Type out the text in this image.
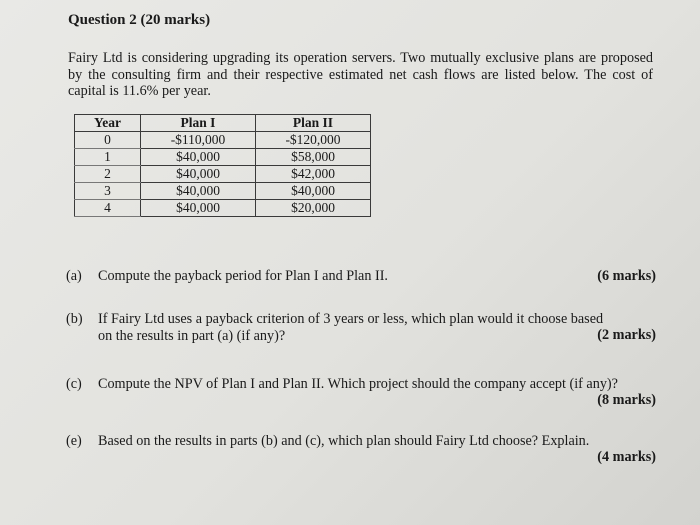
Question 2 (20 marks)
Fairy Ltd is considering upgrading its operation servers. Two mutually exclusive plans are proposed by the consulting firm and their respective estimated net cash flows are listed below. The cost of capital is 11.6% per year.
Year	Plan I	Plan II
0	-$110,000	-$120,000
1	$40,000	$58,000
2	$40,000	$42,000
3	$40,000	$40,000
4	$40,000	$20,000
(a) Compute the payback period for Plan I and Plan II.	(6 marks)
(b) If Fairy Ltd uses a payback criterion of 3 years or less, which plan would it choose based on the results in part (a) (if any)?	(2 marks)
(c) Compute the NPV of Plan I and Plan II. Which project should the company accept (if any)?
(8 marks)
(e) Based on the results in parts (b) and (c), which plan should Fairy Ltd choose? Explain.
(4 marks)
